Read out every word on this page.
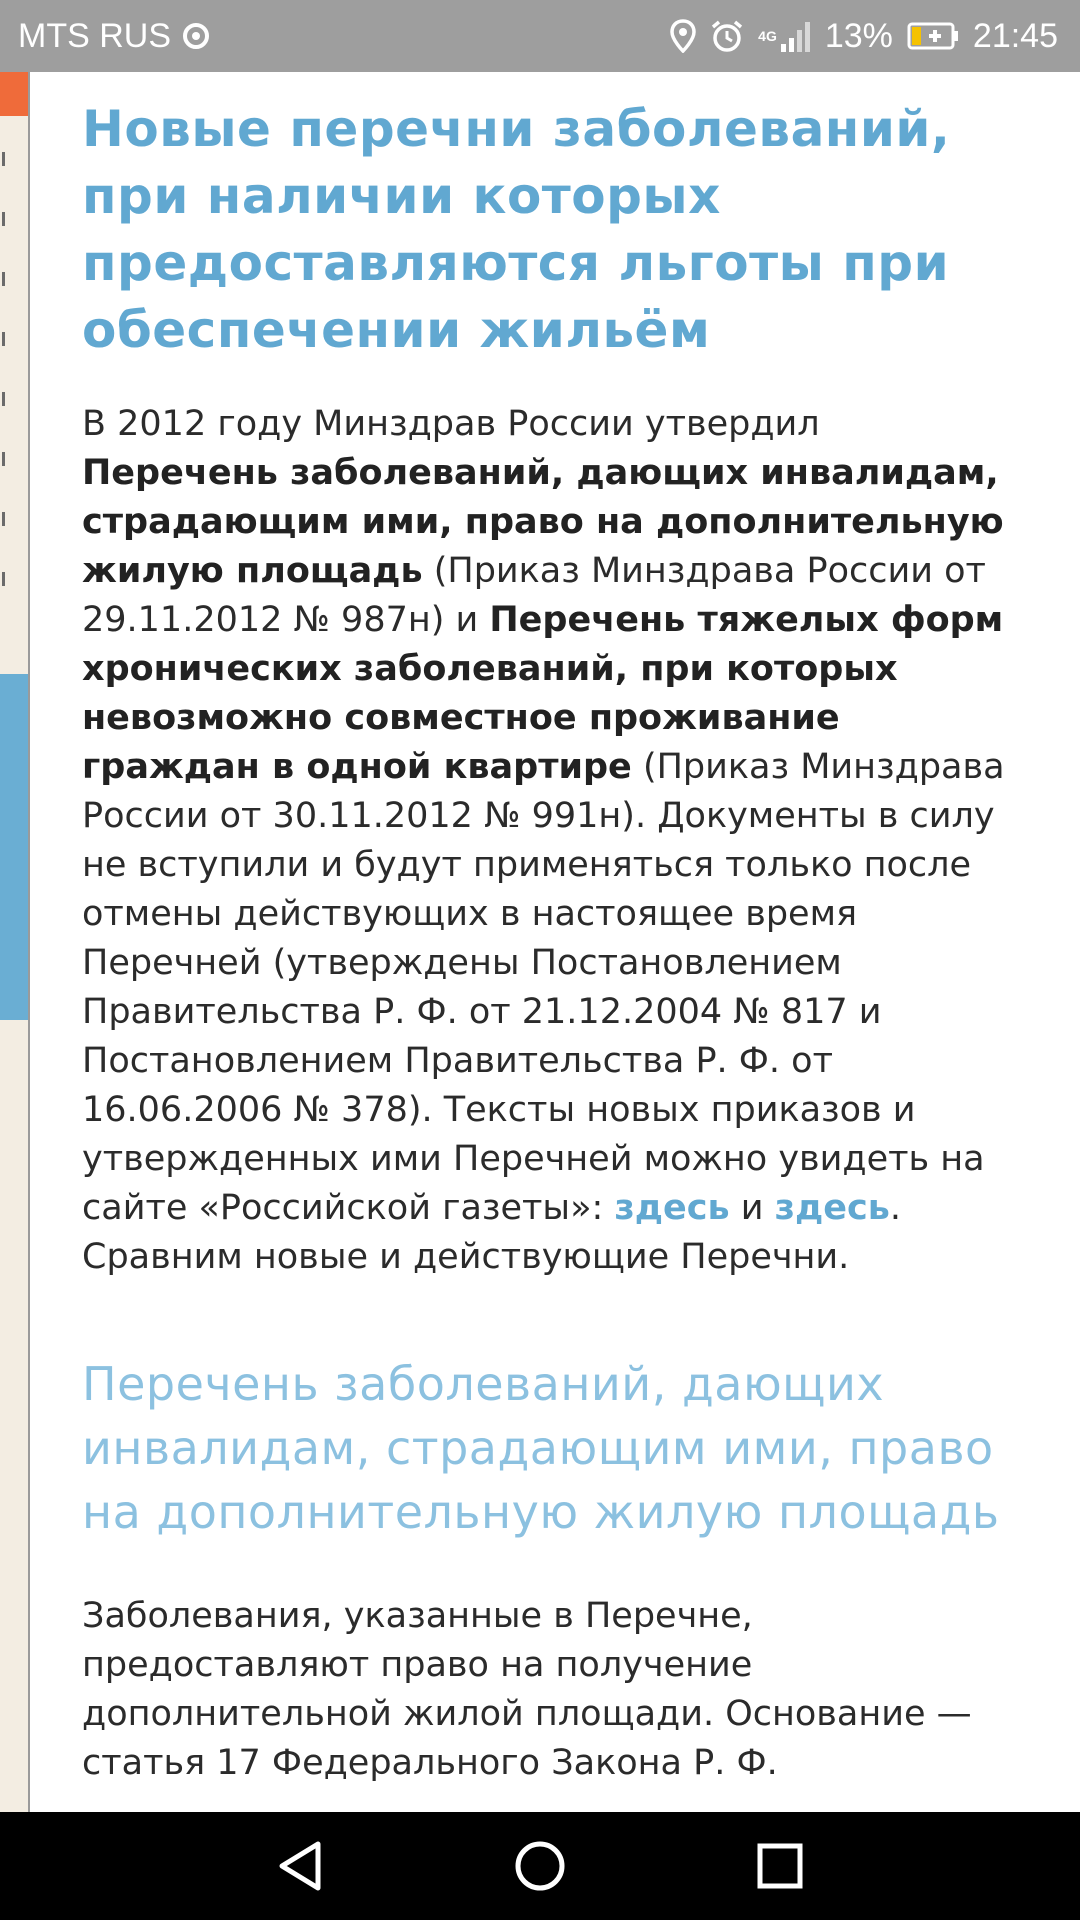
MTS RUS	4G 13% 21:45
Новые перечни заболеваний, при наличии которых предоставляются льготы при обеспечении жильём

В 2012 году Минздрав России утвердил Перечень заболеваний, дающих инвалидам, страдающим ими, право на дополнительную жилую площадь (Приказ Минздрава России от 29.11.2012 № 987н) и Перечень тяжелых форм хронических заболеваний, при которых невозможно совместное проживание граждан в одной квартире (Приказ Минздрава России от 30.11.2012 № 991н). Документы в силу не вступили и будут применяться только после отмены действующих в настоящее время Перечней (утверждены Постановлением Правительства Р. Ф. от 21.12.2004 № 817 и Постановлением Правительства Р. Ф. от 16.06.2006 № 378). Тексты новых приказов и утвержденных ими Перечней можно увидеть на сайте «Российской газеты»: здесь и здесь. Сравним новые и действующие Перечни.

Перечень заболеваний, дающих инвалидам, страдающим ими, право на дополнительную жилую площадь

Заболевания, указанные в Перечне, предоставляют право на получение дополнительной жилой площади. Основание — статья 17 Федерального Закона Р. Ф.
